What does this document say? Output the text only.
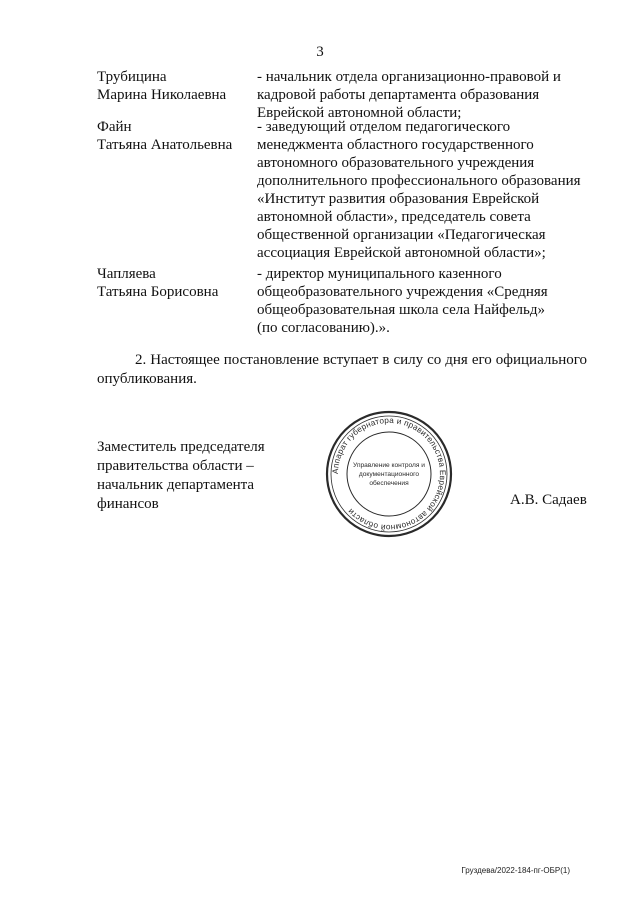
3
Трубицина
Марина Николаевна
- начальник отдела организационно-правовой и
кадровой работы департамента образования
Еврейской автономной области;
Файн
Татьяна Анатольевна
- заведующий отделом педагогического
менеджмента областного государственного
автономного образовательного учреждения
дополнительного профессионального образования
«Институт развития образования Еврейской
автономной области», председатель совета
общественной организации «Педагогическая
ассоциация Еврейской автономной области»;
Чапляева
Татьяна Борисовна
- директор муниципального казенного
общеобразовательного учреждения «Средняя
общеобразовательная школа села Найфельд»
(по согласованию).».
2. Настоящее постановление вступает в силу со дня его официального опубликования.
Заместитель председателя
правительства области –
начальник департамента
финансов
Аппарат губернатора и правительства Еврейской автономной области
Управление контроля и
документационного
обеспечения
А.В. Садаев
Груздева/2022-184-пг-ОБР(1)
